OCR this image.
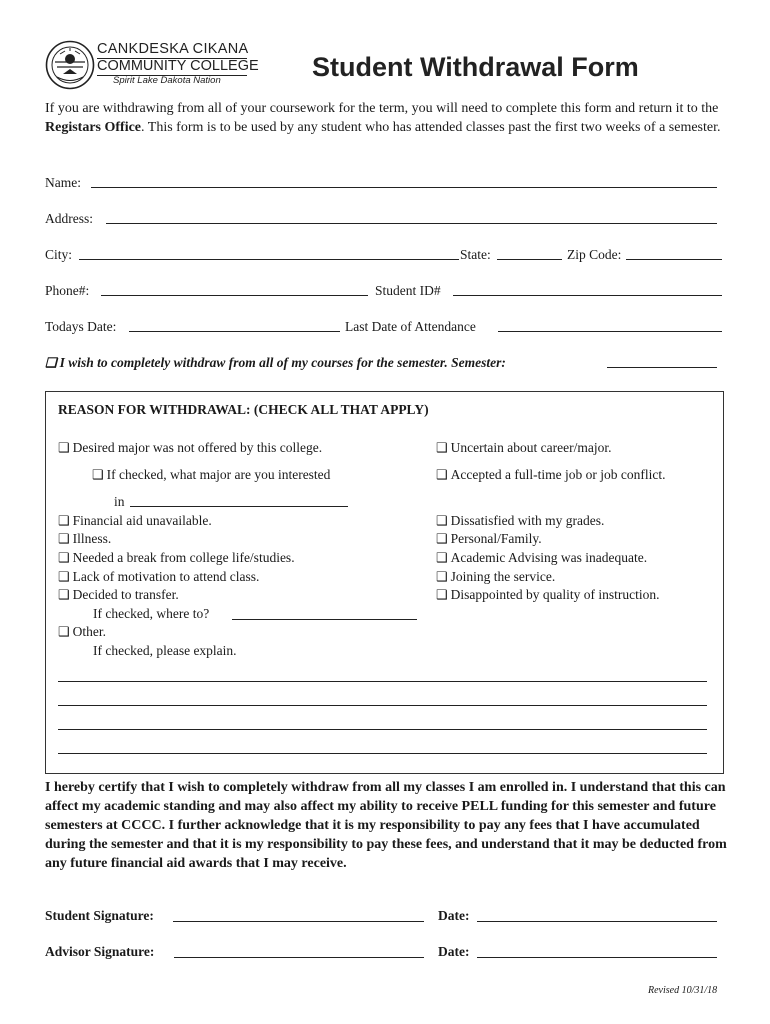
CANKDESKA CIKANA
COMMUNITY COLLEGE
Spirit Lake Dakota Nation	Student Withdrawal Form
If you are withdrawing from all of your coursework for the term, you will need to complete this form and return it to the Registars Office. This form is to be used by any student who has attended classes past the first two weeks of a semester.
Name:
Address:
City:	State:	Zip Code:
Phone#:	Student ID#
Todays Date:	Last Date of Attendance
❑ I wish to completely withdraw from all of my courses for the semester. Semester:
REASON FOR WITHDRAWAL: (CHECK ALL THAT APPLY)
❑ Desired major was not offered by this college.
❑ If checked, what major are you interested
in
❑ Financial aid unavailable.
❑ Illness.
❑ Needed a break from college life/studies.
❑ Lack of motivation to attend class.
❑ Decided to transfer.
If checked, where to?
❑ Other.
If checked, please explain.
❑ Uncertain about career/major.
❑ Accepted a full-time job or job conflict.
❑ Dissatisfied with my grades.
❑ Personal/Family.
❑ Academic Advising was inadequate.
❑ Joining the service.
❑ Disappointed by quality of instruction.
I hereby certify that I wish to completely withdraw from all my classes I am enrolled in. I understand that this can affect my academic standing and may also affect my ability to receive PELL funding for this semester and future semesters at CCCC. I further acknowledge that it is my responsibility to pay any fees that I have accumulated during the semester and that it is my responsibility to pay these fees, and understand that it may be deducted from any future financial aid awards that I may receive.
Student Signature:	Date:
Advisor Signature:	Date:
Revised 10/31/18
